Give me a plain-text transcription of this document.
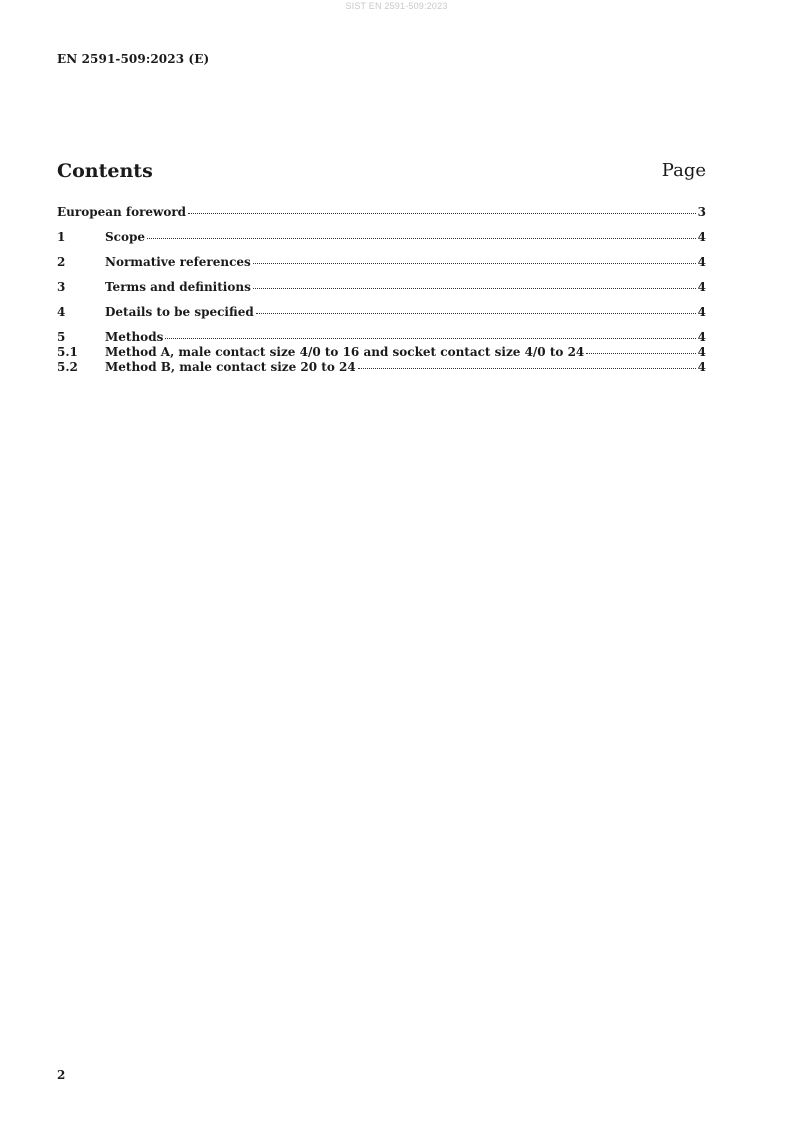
SIST EN 2591-509:2023
EN 2591-509:2023 (E)
Contents	Page
European foreword	3
1	Scope	4
2	Normative references	4
3	Terms and definitions	4
4	Details to be specified	4
5	Methods	4
5.1	Method A, male contact size 4/0 to 16 and socket contact size 4/0 to 24	4
5.2	Method B, male contact size 20 to 24	4
2
